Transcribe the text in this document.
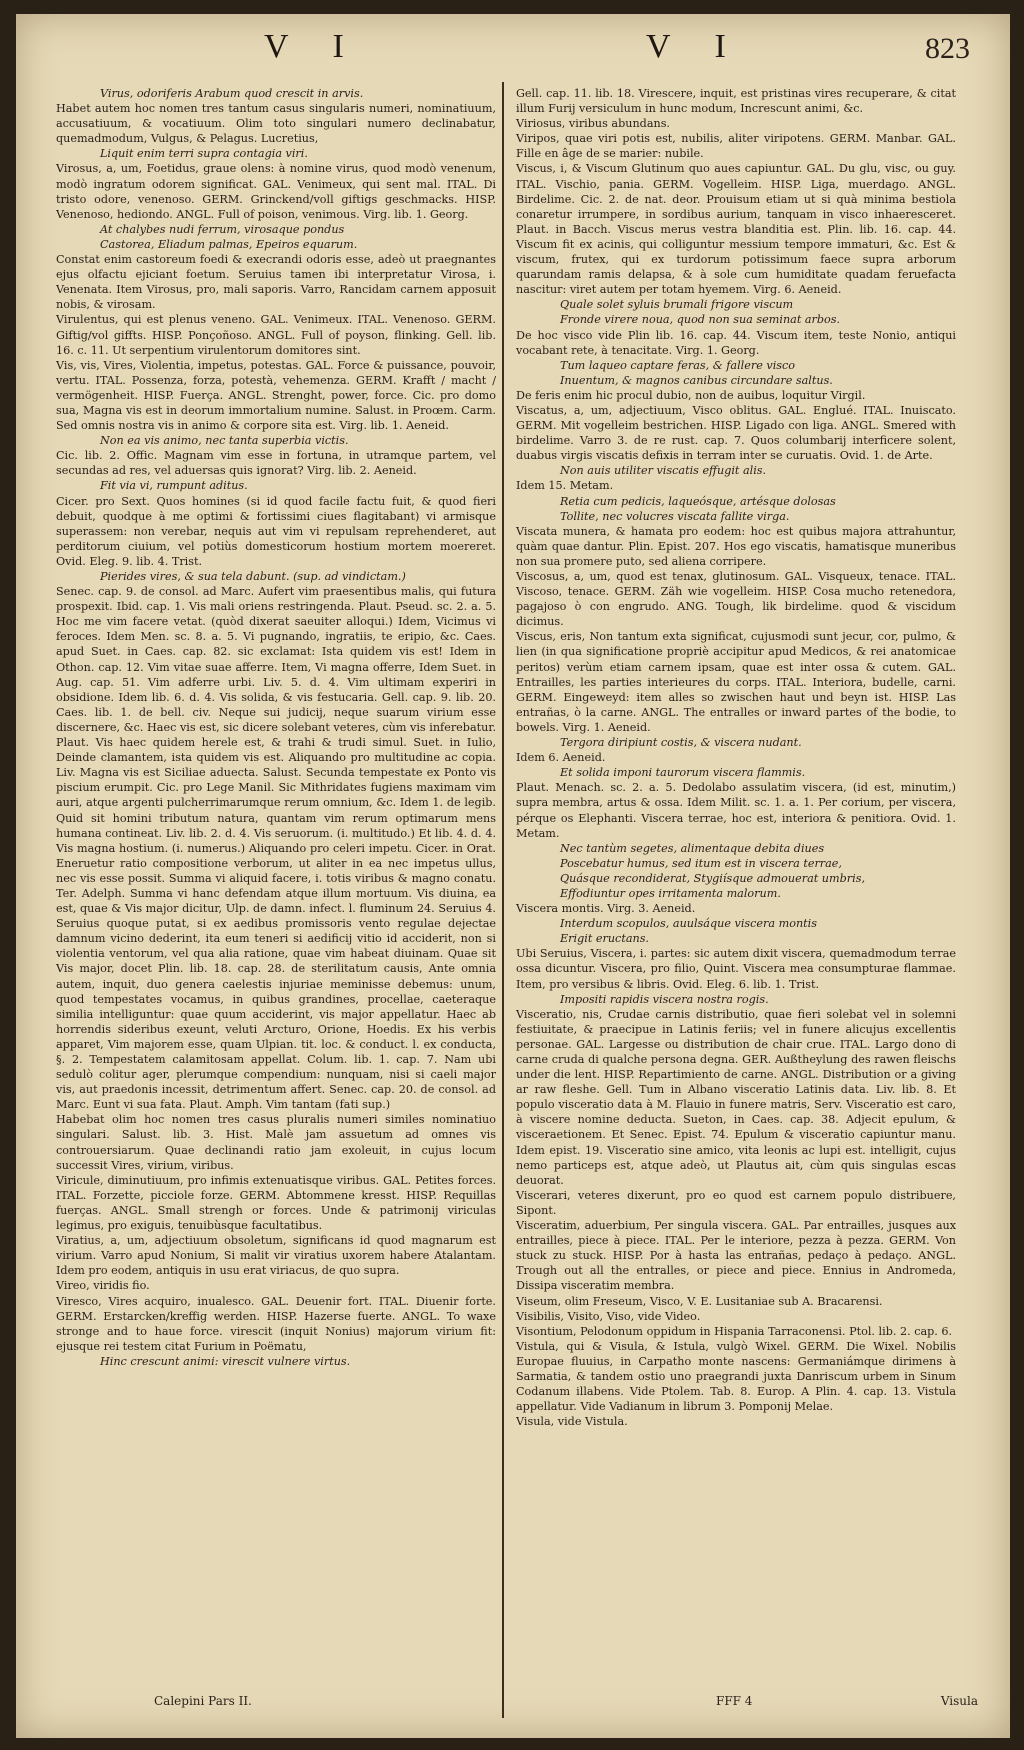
V I	V I	823

Virus, odoriferis Arabum quod crescit in arvis.

Habet autem hoc nomen tres tantum casus singularis numeri, nominatiuum, accusatiuum, & vocatiuum. Olim toto singulari numero declinabatur, quemadmodum, Vulgus, & Pelagus. Lucretius,

Liquit enim terri supra contagia viri.

Virosus, a, um, Foetidus, graue olens: à nomine virus, quod modò venenum, modò ingratum odorem significat. GAL. Venimeux, qui sent mal. ITAL. Di tristo odore, venenoso. GERM. Grinckend/voll giftigs geschmacks. HISP. Venenoso, hediondo. ANGL. Full of poison, venimous. Virg. lib. 1. Georg.

At chalybes nudi ferrum, virosaque pondus

Castorea, Eliadum palmas, Epeiros equarum.

Constat enim castoreum foedi & execrandi odoris esse, adeò ut praegnantes ejus olfactu ejiciant foetum. Seruius tamen ibi interpretatur Virosa, i. Venenata. Item Virosus, pro, mali saporis. Varro, Rancidam carnem apposuit nobis, & virosam.

Virulentus, qui est plenus veneno. GAL. Venimeux. ITAL. Venenoso. GERM. Giftig/vol giffts. HISP. Ponçoñoso. ANGL. Full of poyson, flinking. Gell. lib. 16. c. 11. Ut serpentium virulentorum domitores sint.

Vis, vis, Vires, Violentia, impetus, potestas. GAL. Force & puissance, pouvoir, vertu. ITAL. Possenza, forza, potestà, vehemenza. GERM. Krafft / macht / vermögenheit. HISP. Fuerça. ANGL. Strenght, power, force. Cic. pro domo sua, Magna vis est in deorum immortalium numine. Salust. in Proœm. Carm. Sed omnis nostra vis in animo & corpore sita est. Virg. lib. 1. Aeneid.

Non ea vis animo, nec tanta superbia victis.

Cic. lib. 2. Offic. Magnam vim esse in fortuna, in utramque partem, vel secundas ad res, vel aduersas quis ignorat? Virg. lib. 2. Aeneid.

Fit via vi, rumpunt aditus.

Cicer. pro Sext. Quos homines (si id quod facile factu fuit, & quod fieri debuit, quodque à me optimi & fortissimi ciues flagitabant) vi armisque superassem: non verebar, nequis aut vim vi repulsam reprehenderet, aut perditorum ciuium, vel potiùs domesticorum hostium mortem moereret. Ovid. Eleg. 9. lib. 4. Trist.

Pierides vires, & sua tela dabunt. (sup. ad vindictam.)

Senec. cap. 9. de consol. ad Marc. Aufert vim praesentibus malis, qui futura prospexit. Ibid. cap. 1. Vis mali oriens restringenda. Plaut. Pseud. sc. 2. a. 5. Hoc me vim facere vetat. (quòd dixerat saeuiter alloqui.) Idem, Vicimus vi feroces. Idem Men. sc. 8. a. 5. Vi pugnando, ingratiis, te eripio, &c. Caes. apud Suet. in Caes. cap. 82. sic exclamat: Ista quidem vis est! Idem in Othon. cap. 12. Vim vitae suae afferre. Item, Vi magna offerre, Idem Suet. in Aug. cap. 51. Vim adferre urbi. Liv. 5. d. 4. Vim ultimam experiri in obsidione. Idem lib. 6. d. 4. Vis solida, & vis festucaria. Gell. cap. 9. lib. 20. Caes. lib. 1. de bell. civ. Neque sui judicij, neque suarum virium esse discernere, &c. Haec vis est, sic dicere solebant veteres, cùm vis inferebatur. Plaut. Vis haec quidem herele est, & trahi & trudi simul. Suet. in Iulio, Deinde clamantem, ista quidem vis est. Aliquando pro multitudine ac copia. Liv. Magna vis est Siciliae aduecta. Salust. Secunda tempestate ex Ponto vis piscium erumpit. Cic. pro Lege Manil. Sic Mithridates fugiens maximam vim auri, atque argenti pulcherrimarumque rerum omnium, &c. Idem 1. de legib. Quid sit homini tributum natura, quantam vim rerum optimarum mens humana contineat. Liv. lib. 2. d. 4. Vis seruorum. (i. multitudo.) Et lib. 4. d. 4. Vis magna hostium. (i. numerus.) Aliquando pro celeri impetu. Cicer. in Orat. Eneruetur ratio compositione verborum, ut aliter in ea nec impetus ullus, nec vis esse possit. Summa vi aliquid facere, i. totis viribus & magno conatu. Ter. Adelph. Summa vi hanc defendam atque illum mortuum. Vis diuina, ea est, quae & Vis major dicitur, Ulp. de damn. infect. l. fluminum 24. Seruius 4. Seruius quoque putat, si ex aedibus promissoris vento regulae dejectae damnum vicino dederint, ita eum teneri si aedificij vitio id acciderit, non si violentia ventorum, vel qua alia ratione, quae vim habeat diuinam. Quae sit Vis major, docet Plin. lib. 18. cap. 28. de sterilitatum causis, Ante omnia autem, inquit, duo genera caelestis injuriae meminisse debemus: unum, quod tempestates vocamus, in quibus grandines, procellae, caeteraque similia intelliguntur: quae quum acciderint, vis major appellatur. Haec ab horrendis sideribus exeunt, veluti Arcturo, Orione, Hoedis. Ex his verbis apparet, Vim majorem esse, quam Ulpian. tit. loc. & conduct. l. ex conducta, §. 2. Tempestatem calamitosam appellat. Colum. lib. 1. cap. 7. Nam ubi sedulò colitur ager, plerumque compendium: nunquam, nisi si caeli major vis, aut praedonis incessit, detrimentum affert. Senec. cap. 20. de consol. ad Marc. Eunt vi sua fata. Plaut. Amph. Vim tantam (fati sup.)

Habebat olim hoc nomen tres casus pluralis numeri similes nominatiuo singulari. Salust. lib. 3. Hist. Malè jam assuetum ad omnes vis controuersiarum. Quae declinandi ratio jam exoleuit, in cujus locum successit Vires, virium, viribus.

Viricule, diminutiuum, pro infimis extenuatisque viribus. GAL. Petites forces. ITAL. Forzette, picciole forze. GERM. Abtommene kresst. HISP. Requillas fuerças. ANGL. Small strengh or forces. Unde & patrimonij viriculas legimus, pro exiguis, tenuibùsque facultatibus.

Viratius, a, um, adjectiuum obsoletum, significans id quod magnarum est virium. Varro apud Nonium, Si malit vir viratius uxorem habere Atalantam. Idem pro eodem, antiquis in usu erat viriacus, de quo supra.

Vireo, viridis fio.

Viresco, Vires acquiro, inualesco. GAL. Deuenir fort. ITAL. Diuenir forte. GERM. Erstarcken/kreffig werden. HISP. Hazerse fuerte. ANGL. To waxe stronge and to haue force. virescit (inquit Nonius) majorum virium fit: ejusque rei testem citat Furium in Poëmatu,

Hinc crescunt animi: virescit vulnere virtus.

Gell. cap. 11. lib. 18. Virescere, inquit, est pristinas vires recuperare, & citat illum Furij versiculum in hunc modum, Increscunt animi, &c.

Viriosus, viribus abundans.

Viripos, quae viri potis est, nubilis, aliter viripotens. GERM. Manbar. GAL. Fille en âge de se marier: nubile.

Viscus, i, & Viscum Glutinum quo aues capiuntur. GAL. Du glu, visc, ou guy. ITAL. Vischio, pania. GERM. Vogelleim. HISP. Liga, muerdago. ANGL. Birdelime. Cic. 2. de nat. deor. Prouisum etiam ut si quà minima bestiola conaretur irrumpere, in sordibus aurium, tanquam in visco inhaeresceret. Plaut. in Bacch. Viscus merus vestra blanditia est. Plin. lib. 16. cap. 44. Viscum fit ex acinis, qui colliguntur messium tempore immaturi, &c. Est & viscum, frutex, qui ex turdorum potissimum faece supra arborum quarundam ramis delapsa, & à sole cum humiditate quadam feruefacta nascitur: viret autem per totam hyemem. Virg. 6. Aeneid.

Quale solet syluis brumali frigore viscum

Fronde virere noua, quod non sua seminat arbos.

De hoc visco vide Plin lib. 16. cap. 44. Viscum item, teste Nonio, antiqui vocabant rete, à tenacitate. Virg. 1. Georg.

Tum laqueo captare feras, & fallere visco

Inuentum, & magnos canibus circundare saltus.

De feris enim hic procul dubio, non de auibus, loquitur Virgil.

Viscatus, a, um, adjectiuum, Visco oblitus. GAL. Englué. ITAL. Inuiscato. GERM. Mit vogelleim bestrichen. HISP. Ligado con liga. ANGL. Smered with birdelime. Varro 3. de re rust. cap. 7. Quos columbarij interficere solent, duabus virgis viscatis defixis in terram inter se curuatis. Ovid. 1. de Arte.

Non auis utiliter viscatis effugit alis.

Idem 15. Metam.

Retia cum pedicis, laqueósque, artésque dolosas

Tollite, nec volucres viscata fallite virga.

Viscata munera, & hamata pro eodem: hoc est quibus majora attrahuntur, quàm quae dantur. Plin. Epist. 207. Hos ego viscatis, hamatisque muneribus non sua promere puto, sed aliena corripere.

Viscosus, a, um, quod est tenax, glutinosum. GAL. Visqueux, tenace. ITAL. Viscoso, tenace. GERM. Zäh wie vogelleim. HISP. Cosa mucho retenedora, pagajoso ò con engrudo. ANG. Tough, lik birdelime. quod & viscidum dicimus.

Viscus, eris, Non tantum exta significat, cujusmodi sunt jecur, cor, pulmo, & lien (in qua significatione propriè accipitur apud Medicos, & rei anatomicae peritos) verùm etiam carnem ipsam, quae est inter ossa & cutem. GAL. Entrailles, les parties interieures du corps. ITAL. Interiora, budelle, carni. GERM. Eingeweyd: item alles so zwischen haut und beyn ist. HISP. Las entrañas, ò la carne. ANGL. The entralles or inward partes of the bodie, to bowels. Virg. 1. Aeneid.

Tergora diripiunt costis, & viscera nudant.

Idem 6. Aeneid.

Et solida imponi taurorum viscera flammis.

Plaut. Menach. sc. 2. a. 5. Dedolabo assulatim viscera, (id est, minutim,) supra membra, artus & ossa. Idem Milit. sc. 1. a. 1. Per corium, per viscera, pérque os Elephanti. Viscera terrae, hoc est, interiora & penitiora. Ovid. 1. Metam.

Nec tantùm segetes, alimentaque debita diues

Poscebatur humus, sed itum est in viscera terrae,

Quásque recondiderat, Stygiísque admouerat umbris,

Effodiuntur opes irritamenta malorum.

Viscera montis. Virg. 3. Aeneid.

Interdum scopulos, auulsáque viscera montis

Erigit eructans.

Ubi Seruius, Viscera, i. partes: sic autem dixit viscera, quemadmodum terrae ossa dicuntur. Viscera, pro filio, Quint. Viscera mea consumpturae flammae. Item, pro versibus & libris. Ovid. Eleg. 6. lib. 1. Trist.

Impositi rapidis viscera nostra rogis.

Visceratio, nis, Crudae carnis distributio, quae fieri solebat vel in solemni festiuitate, & praecipue in Latinis feriis; vel in funere alicujus excellentis personae. GAL. Largesse ou distribution de chair crue. ITAL. Largo dono di carne cruda di qualche persona degna. GER. Außtheylung des rawen fleischs under die lent. HISP. Repartimiento de carne. ANGL. Distribution or a giving ar raw fleshe. Gell. Tum in Albano visceratio Latinis data. Liv. lib. 8. Et populo visceratio data à M. Flauio in funere matris, Serv. Visceratio est caro, à viscere nomine deducta. Sueton, in Caes. cap. 38. Adjecit epulum, & visceraetionem. Et Senec. Epist. 74. Epulum & visceratio capiuntur manu. Idem epist. 19. Visceratio sine amico, vita leonis ac lupi est. intelligit, cujus nemo particeps est, atque adeò, ut Plautus ait, cùm quis singulas escas deuorat.

Viscerari, veteres dixerunt, pro eo quod est carnem populo distribuere, Sipont.

Visceratim, aduerbium, Per singula viscera. GAL. Par entrailles, jusques aux entrailles, piece à piece. ITAL. Per le interiore, pezza à pezza. GERM. Von stuck zu stuck. HISP. Por à hasta las entrañas, pedaço à pedaço. ANGL. Trough out all the entralles, or piece and piece. Ennius in Andromeda, Dissipa visceratim membra.

Viseum, olim Freseum, Visco, V. E. Lusitaniae sub A. Bracarensi.

Visibilis, Visito, Viso, vide Video.

Visontium, Pelodonum oppidum in Hispania Tarraconensi. Ptol. lib. 2. cap. 6.

Vistula, qui & Visula, & Istula, vulgò Wixel. GERM. Die Wixel. Nobilis Europae fluuius, in Carpatho monte nascens: Germaniámque dirimens à Sarmatia, & tandem ostio uno praegrandi juxta Danriscum urbem in Sinum Codanum illabens. Vide Ptolem. Tab. 8. Europ. A Plin. 4. cap. 13. Vistula appellatur. Vide Vadianum in librum 3. Pomponij Melae.

Visula, vide Vistula.

Calepini Pars II.	FFF 4	Visula
